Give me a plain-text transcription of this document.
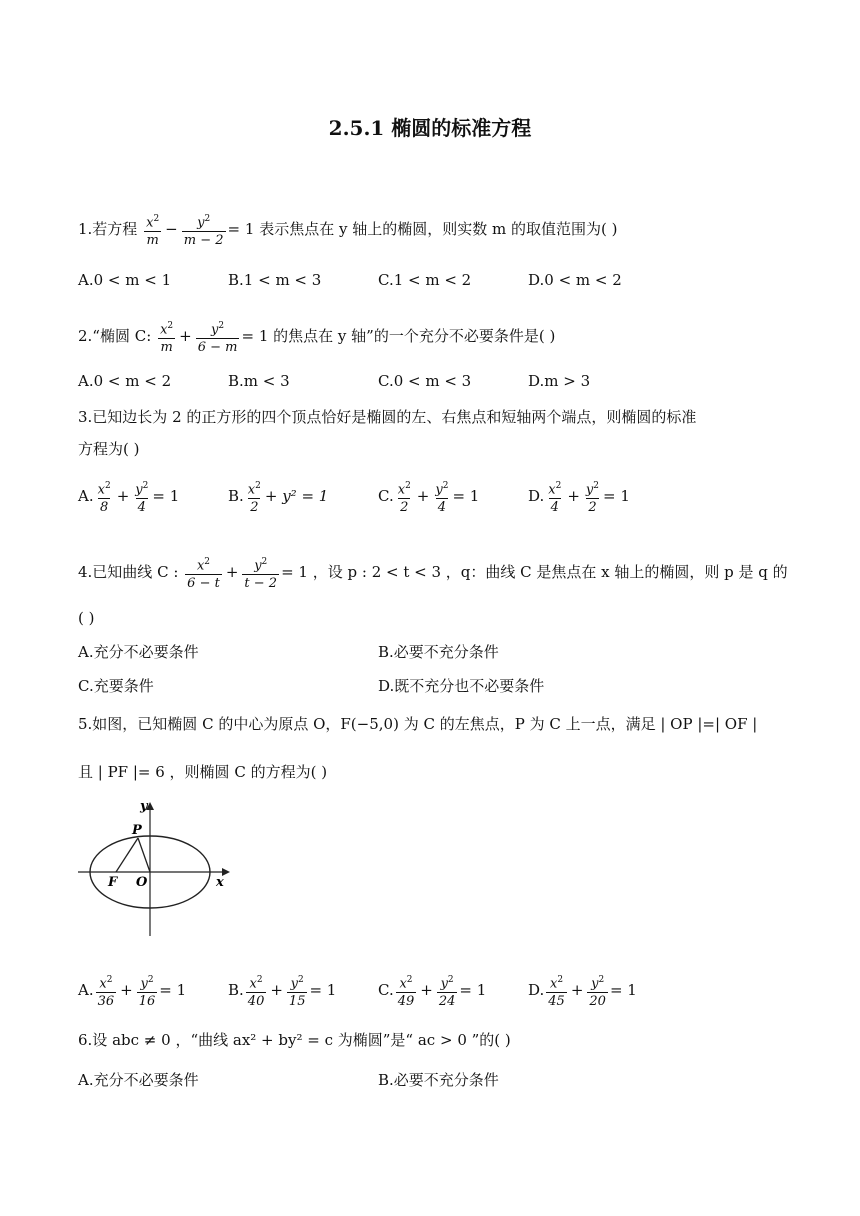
2.5.1 椭圆的标准方程
1.若方程 $\frac{x^2}{m} - \frac{y^2}{m - 2} = 1$ 表示焦点在 y 轴上的椭圆，则实数 m 的取值范围为( )
A.0 < m < 1	B.1 < m < 3	C.1 < m < 2	D.0 < m < 2
2.“椭圆 C: $\frac{x^2}{m} + \frac{y^2}{6 - m} = 1$ 的焦点在 y 轴”的一个充分不必要条件是( )
A.0 < m < 2	B.m < 3	C.0 < m < 3	D.m > 3
3.已知边长为 2 的正方形的四个顶点恰好是椭圆的左、右焦点和短轴两个端点，则椭圆的标准
方程为( )
A. $\frac{x^2}{8} + \frac{y^2}{4} = 1$	B. $\frac{x^2}{2} + y^2 = 1$	C. $\frac{x^2}{2} + \frac{y^2}{4} = 1$	D. $\frac{x^2}{4} + \frac{y^2}{2} = 1$
4.已知曲线 C : $\frac{x^2}{6 - t} + \frac{y^2}{t - 2} = 1$ ，设 p : 2 < t < 3 ，q：曲线 C 是焦点在 x 轴上的椭圆，则 p 是 q 的
( )
A.充分不必要条件	B.必要不充分条件
C.充要条件	D.既不充分也不必要条件
5.如图，已知椭圆 C 的中心为原点 O，F(−5,0) 为 C 的左焦点，P 为 C 上一点，满足 | OP |=| OF |
且 | PF |= 6 ，则椭圆 C 的方程为( )
y
x
P
F O
A. $\frac{x^2}{36} + \frac{y^2}{16} = 1$	B. $\frac{x^2}{40} + \frac{y^2}{15} = 1$	C. $\frac{x^2}{49} + \frac{y^2}{24} = 1$	D. $\frac{x^2}{45} + \frac{y^2}{20} = 1$
6.设 abc ≠ 0 ，“曲线 ax² + by² = c 为椭圆”是“ ac > 0 ”的( )
A.充分不必要条件	B.必要不充分条件
